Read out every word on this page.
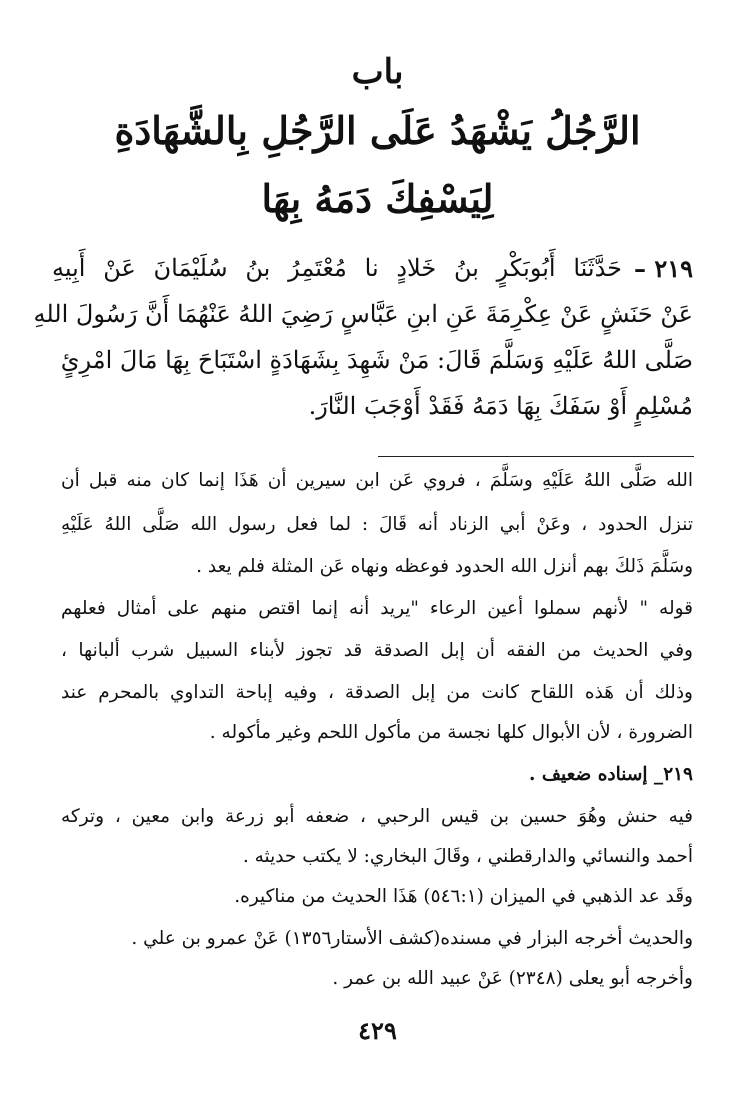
باب
الرَّجُلُ يَشْهَدُ عَلَى الرَّجُلِ بِالشَّهَادَةِ
لِيَسْفِكَ دَمَهُ بِهَا
٢١٩ –
حَدَّثَنَا أَبُوبَكْرٍ بنُ خَلادٍ نا مُعْتَمِرُ بنُ سُلَيْمَانَ عَنْ أَبِيهِ
عَنْ حَنَشٍ عَنْ عِكْرِمَةَ عَنِ ابنِ عَبَّاسٍ رَضِيَ اللهُ عَنْهُمَا أَنَّ رَسُولَ اللهِ
صَلَّى اللهُ عَلَيْهِ وَسَلَّمَ قَالَ: مَنْ شَهِدَ بِشَهَادَةٍ اسْتَبَاحَ بِهَا مَالَ امْرِئٍ
مُسْلِمٍ أَوْ سَفَكَ بِهَا دَمَهُ فَقَدْ أَوْجَبَ النَّارَ.
الله صَلَّى اللهُ عَلَيْهِ وسَلَّمَ ، فروي عَن ابن سيرين أن هَذَا إنما كان منه قبل أن
تنزل الحدود ، وعَنْ أبي الزناد أنه قَالَ : لما فعل رسول الله صَلَّى اللهُ عَلَيْهِ
وسَلَّمَ ذَلكَ بهم أنزل الله الحدود فوعظه ونهاه عَن المثلة فلم يعد .
قوله " لأنهم سملوا أعين الرعاء "يريد أنه إنما اقتص منهم على أمثال فعلهم
وفي الحديث من الفقه أن إبل الصدقة قد تجوز لأبناء السبيل شرب ألبانها ،
وذلك أن هَذه اللقاح كانت من إبل الصدقة ، وفيه إباحة التداوي بالمحرم عند
الضرورة ، لأن الأبوال كلها نجسة من مأكول اللحم وغير مأكوله .
٢١٩_ إسناده ضعيف .
فيه حنش وهُوَ حسين بن قيس الرحبي ، ضعفه أبو زرعة وابن معين ، وتركه
أحمد والنسائي والدارقطني ، وقَالَ البخاري: لا يكتب حديثه .
وقَد عد الذهبي في الميزان (٥٤٦:١) هَذَا الحديث من مناكيره.
والحديث أخرجه البزار في مسنده(كشف الأستار١٣٥٦) عَنْ عمرو بن علي .
وأخرجه أبو يعلى (٢٣٤٨) عَنْ عبيد الله بن عمر .
٤٢٩
